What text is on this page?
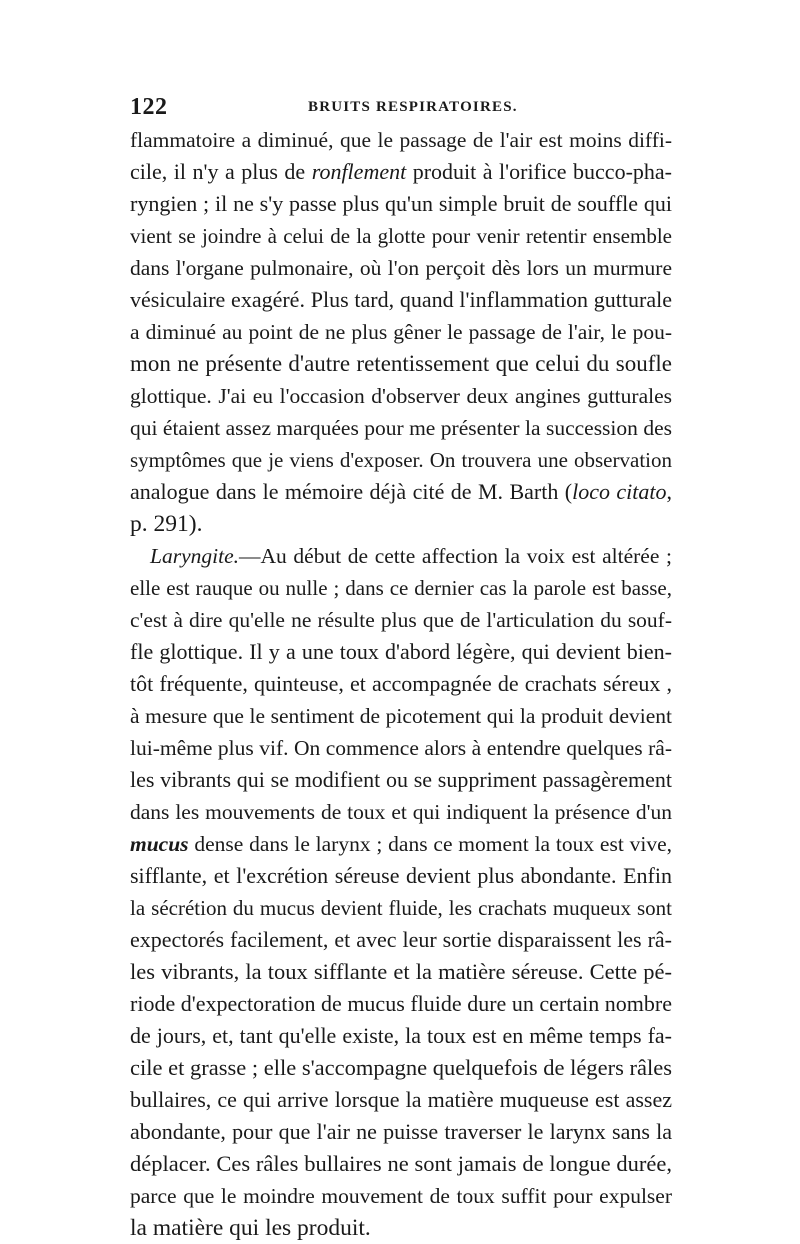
122	BRUITS RESPIRATOIRES.
flammatoire a diminué, que le passage de l'air est moins diffi-
cile, il n'y a plus de ronflement produit à l'orifice bucco-pha-
ryngien ; il ne s'y passe plus qu'un simple bruit de souffle qui
vient se joindre à celui de la glotte pour venir retentir ensemble
dans l'organe pulmonaire, où l'on perçoit dès lors un murmure
vésiculaire exagéré. Plus tard, quand l'inflammation gutturale
a diminué au point de ne plus gêner le passage de l'air, le pou-
mon ne présente d'autre retentissement que celui du soufle
glottique. J'ai eu l'occasion d'observer deux angines gutturales
qui étaient assez marquées pour me présenter la succession des
symptômes que je viens d'exposer. On trouvera une observation
analogue dans le mémoire déjà cité de M. Barth (loco citato,
p. 291).
Laryngite.—Au début de cette affection la voix est altérée ;
elle est rauque ou nulle ; dans ce dernier cas la parole est basse,
c'est à dire qu'elle ne résulte plus que de l'articulation du souf-
fle glottique. Il y a une toux d'abord légère, qui devient bien-
tôt fréquente, quinteuse, et accompagnée de crachats séreux ,
à mesure que le sentiment de picotement qui la produit devient
lui-même plus vif. On commence alors à entendre quelques râ-
les vibrants qui se modifient ou se suppriment passagèrement
dans les mouvements de toux et qui indiquent la présence d'un
mucus dense dans le larynx ; dans ce moment la toux est vive,
sifflante, et l'excrétion séreuse devient plus abondante. Enfin
la sécrétion du mucus devient fluide, les crachats muqueux sont
expectorés facilement, et avec leur sortie disparaissent les râ-
les vibrants, la toux sifflante et la matière séreuse. Cette pé-
riode d'expectoration de mucus fluide dure un certain nombre
de jours, et, tant qu'elle existe, la toux est en même temps fa-
cile et grasse ; elle s'accompagne quelquefois de légers râles
bullaires, ce qui arrive lorsque la matière muqueuse est assez
abondante, pour que l'air ne puisse traverser le larynx sans la
déplacer. Ces râles bullaires ne sont jamais de longue durée,
parce que le moindre mouvement de toux suffit pour expulser
la matière qui les produit.
